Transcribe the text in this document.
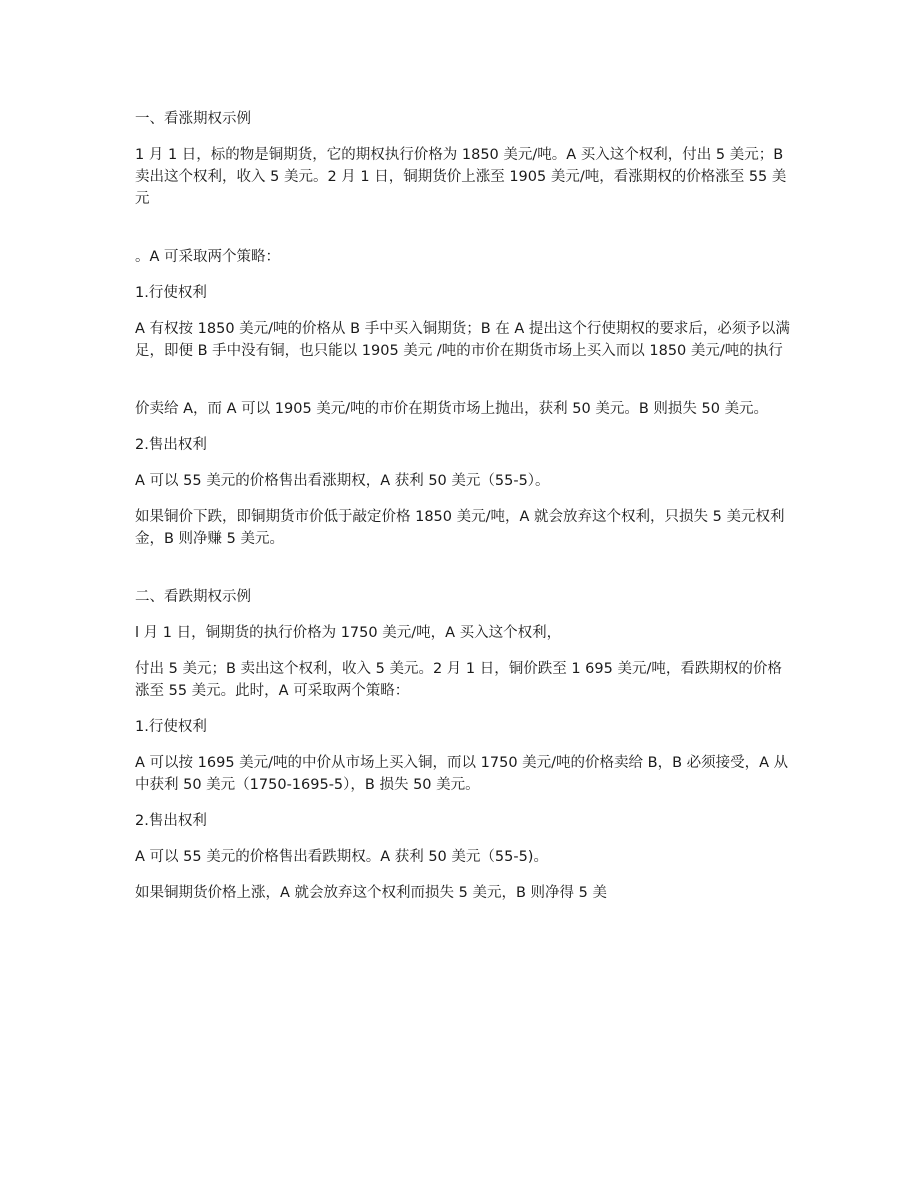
一、看涨期权示例

1 月 1 日，标的物是铜期货，它的期权执行价格为 1850 美元/吨。A 买入这个权利，付出 5 美元；B 卖出这个权利，收入 5 美元。2 月 1 日，铜期货价上涨至 1905 美元/吨，看涨期权的价格涨至 55 美元

。A 可采取两个策略：

1.行使权利

A 有权按 1850 美元/吨的价格从 B 手中买入铜期货；B 在 A 提出这个行使期权的要求后，必须予以满足，即便 B 手中没有铜，也只能以 1905 美元 /吨的市价在期货市场上买入而以 1850 美元/吨的执行

价卖给 A，而 A 可以 1905 美元/吨的市价在期货市场上抛出，获利 50 美元。B 则损失 50 美元。

2.售出权利

A 可以 55 美元的价格售出看涨期权，A 获利 50 美元（55-5）。

如果铜价下跌，即铜期货市价低于敲定价格 1850 美元/吨，A 就会放弃这个权利，只损失 5 美元权利金，B 则净赚 5 美元。

二、看跌期权示例

l 月 1 日，铜期货的执行价格为 1750 美元/吨，A 买入这个权利，

付出 5 美元；B 卖出这个权利，收入 5 美元。2 月 1 日，铜价跌至 1 695 美元/吨，看跌期权的价格涨至 55 美元。此时，A 可采取两个策略：

1.行使权利

A 可以按 1695 美元/吨的中价从市场上买入铜，而以 1750 美元/吨的价格卖给 B，B 必须接受，A 从中获利 50 美元（1750-1695-5），B 损失 50 美元。

2.售出权利

A 可以 55 美元的价格售出看跌期权。A 获利 50 美元（55-5)。

如果铜期货价格上涨，A 就会放弃这个权利而损失 5 美元，B 则净得 5 美
